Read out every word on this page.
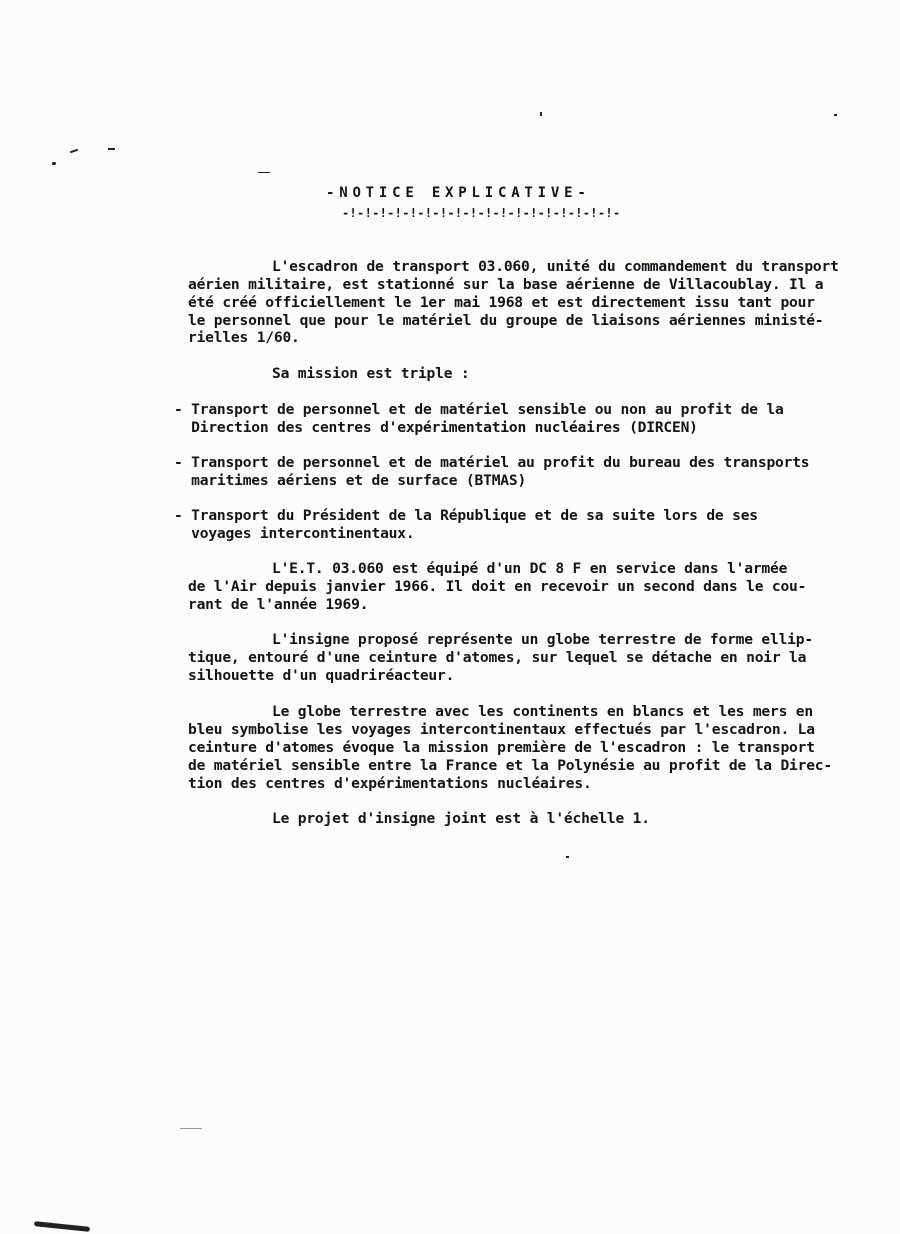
-NOTICE EXPLICATIVE-
-!-!-!-!-!-!-!-!-!-!-!-!-!-!-!-!-!-!-
L'escadron de transport 03.060, unité du commandement du transport
aérien militaire, est stationné sur la base aérienne de Villacoublay. Il a
été créé officiellement le 1er mai 1968 et est directement issu tant pour
le personnel que pour le matériel du groupe de liaisons aériennes ministé-
rielles 1/60.
Sa mission est triple :
- Transport de personnel et de matériel sensible ou non au profit de la
Direction des centres d'expérimentation nucléaires (DIRCEN)
- Transport de personnel et de matériel au profit du bureau des transports
maritimes aériens et de surface (BTMAS)
- Transport du Président de la République et de sa suite lors de ses
voyages intercontinentaux.
L'E.T. 03.060 est équipé d'un DC 8 F en service dans l'armée
de l'Air depuis janvier 1966. Il doit en recevoir un second dans le cou-
rant de l'année 1969.
L'insigne proposé représente un globe terrestre de forme ellip-
tique, entouré d'une ceinture d'atomes, sur lequel se détache en noir la
silhouette d'un quadriréacteur.
Le globe terrestre avec les continents en blancs et les mers en
bleu symbolise les voyages intercontinentaux effectués par l'escadron. La
ceinture d'atomes évoque la mission première de l'escadron : le transport
de matériel sensible entre la France et la Polynésie au profit de la Direc-
tion des centres d'expérimentations nucléaires.
Le projet d'insigne joint est à l'échelle 1.
